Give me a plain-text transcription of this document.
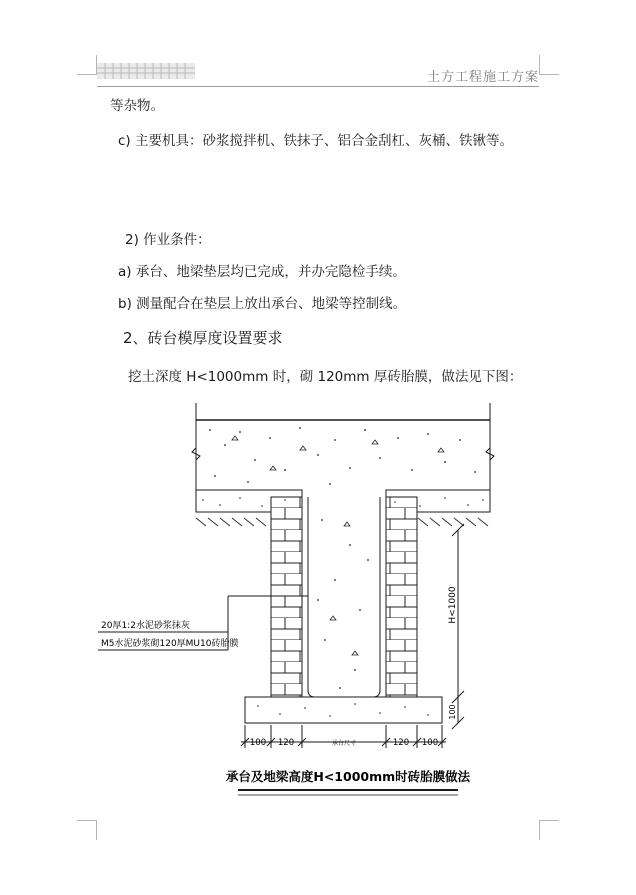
土方工程施工方案
等杂物。
c) 主要机具：砂浆搅拌机、铁抹子、铝合金刮杠、灰桶、铁锹等。
2) 作业条件：
a) 承台、地梁垫层均已完成，并办完隐检手续。
b) 测量配合在垫层上放出承台、地梁等控制线。
2、砖台模厚度设置要求
挖土深度 H<1000mm 时，砌 120mm 厚砖胎膜，做法见下图：
20厚1:2水泥砂浆抹灰
M5水泥砂浆砌120厚MU10砖胎膜
H<1000
100
100 120	承台尺寸	120 100
承台及地梁高度H<1000mm时砖胎膜做法
